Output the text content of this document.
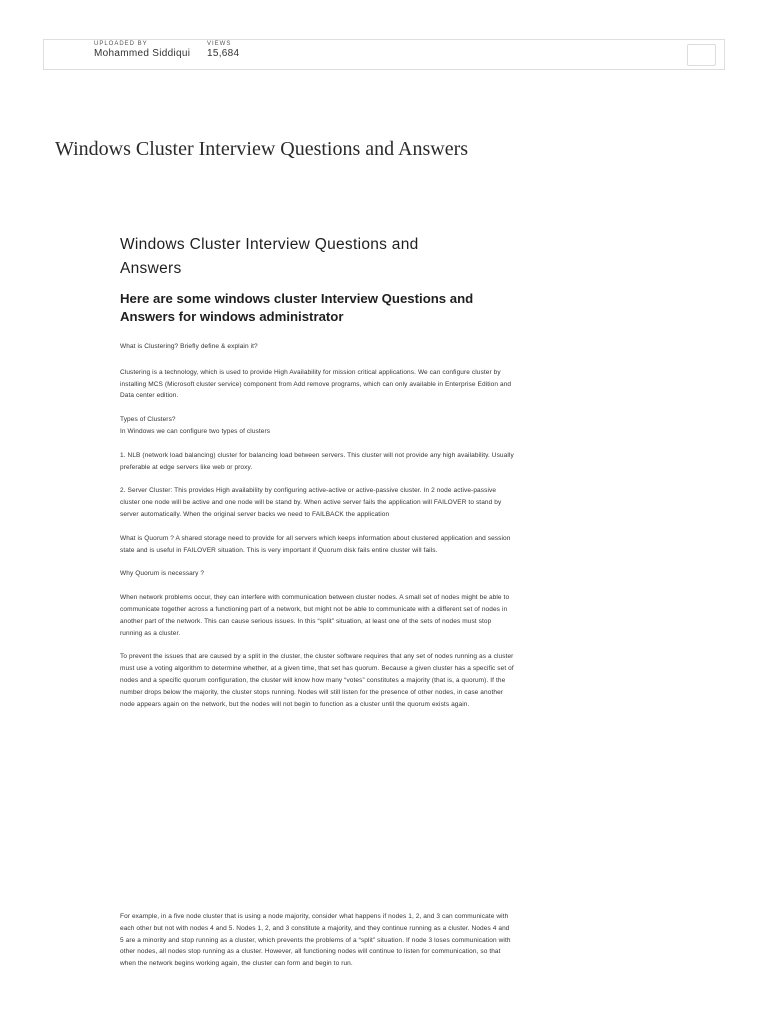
UPLOADED BY
Mohammed Siddiqui
VIEWS
15,684
Windows Cluster Interview Questions and Answers
Windows Cluster Interview Questions and Answers
Here are some windows cluster Interview Questions and Answers for windows administrator

What is Clustering? Briefly define & explain it?

Clustering is a technology, which is used to provide High Availability for mission critical applications. We can configure cluster by installing MCS (Microsoft cluster service) component from Add remove programs, which can only available in Enterprise Edition and Data center edition.

Types of Clusters?
In Windows we can configure two types of clusters

1. NLB (network load balancing) cluster for balancing load between servers. This cluster will not provide any high availability. Usually preferable at edge servers like web or proxy.

2. Server Cluster: This provides High availability by configuring active-active or active-passive cluster. In 2 node active-passive cluster one node will be active and one node will be stand by. When active server fails the application will FAILOVER to stand by server automatically. When the original server backs we need to FAILBACK the application

What is Quorum ? A shared storage need to provide for all servers which keeps information about clustered application and session state and is useful in FAILOVER situation. This is very important if Quorum disk fails entire cluster will fails.

Why Quorum is necessary ?

When network problems occur, they can interfere with communication between cluster nodes. A small set of nodes might be able to communicate together across a functioning part of a network, but might not be able to communicate with a different set of nodes in another part of the network. This can cause serious issues. In this “split” situation, at least one of the sets of nodes must stop running as a cluster.

To prevent the issues that are caused by a split in the cluster, the cluster software requires that any set of nodes running as a cluster must use a voting algorithm to determine whether, at a given time, that set has quorum. Because a given cluster has a specific set of nodes and a specific quorum configuration, the cluster will know how many “votes” constitutes a majority (that is, a quorum). If the number drops below the majority, the cluster stops running. Nodes will still listen for the presence of other nodes, in case another node appears again on the network, but the nodes will not begin to function as a cluster until the quorum exists again.

For example, in a five node cluster that is using a node majority, consider what happens if nodes 1, 2, and 3 can communicate with each other but not with nodes 4 and 5. Nodes 1, 2, and 3 constitute a majority, and they continue running as a cluster. Nodes 4 and 5 are a minority and stop running as a cluster, which prevents the problems of a “split” situation. If node 3 loses communication with other nodes, all nodes stop running as a cluster. However, all functioning nodes will continue to listen for communication, so that when the network begins working again, the cluster can form and begin to run.
